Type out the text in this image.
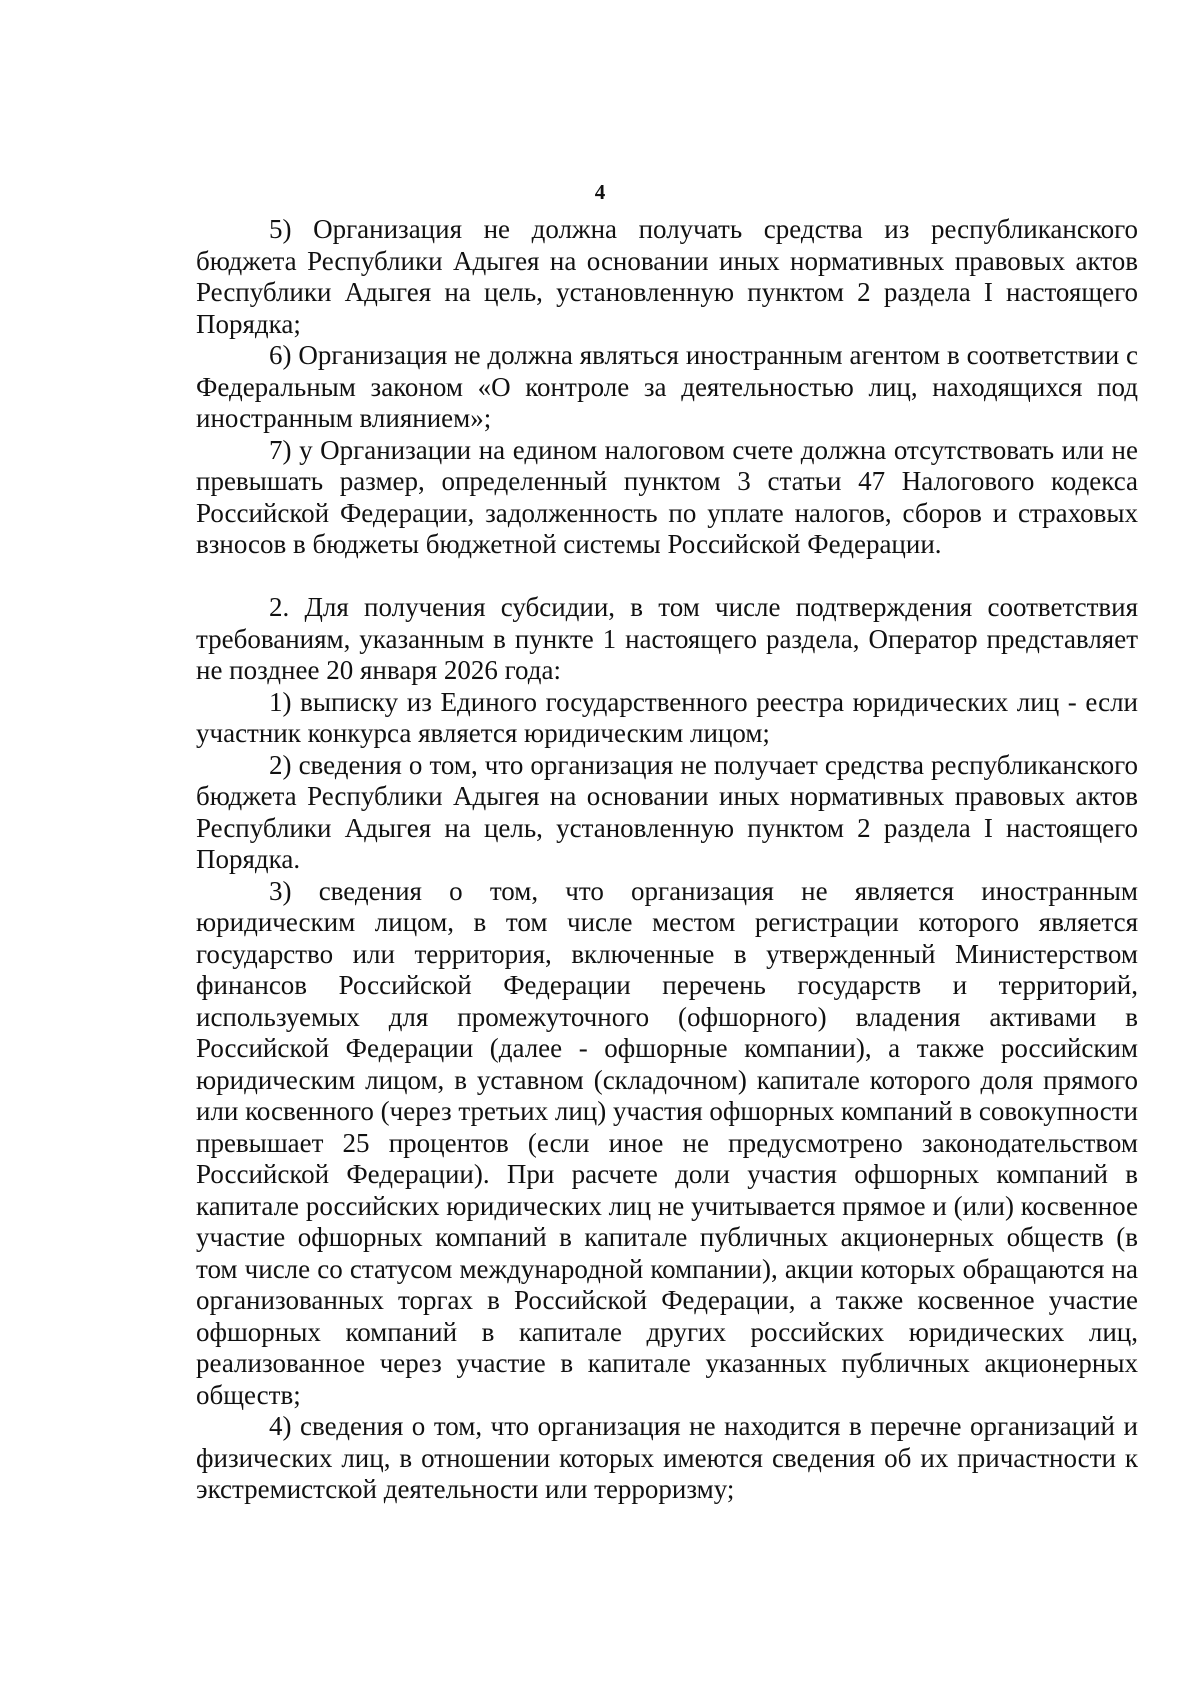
4

5) Организация не должна получать средства из республиканского бюджета Республики Адыгея на основании иных нормативных правовых актов Республики Адыгея на цель, установленную пунктом 2 раздела I настоящего Порядка;

6) Организация не должна являться иностранным агентом в соответствии с Федеральным законом «О контроле за деятельностью лиц, находящихся под иностранным влиянием»;

7) у Организации на едином налоговом счете должна отсутствовать или не превышать размер, определенный пунктом 3 статьи 47 Налогового кодекса Российской Федерации, задолженность по уплате налогов, сборов и страховых взносов в бюджеты бюджетной системы Российской Федерации.

2. Для получения субсидии, в том числе подтверждения соответствия требованиям, указанным в пункте 1 настоящего раздела, Оператор представляет не позднее 20 января 2026 года:

1) выписку из Единого государственного реестра юридических лиц - если участник конкурса является юридическим лицом;

2) сведения о том, что организация не получает средства республиканского бюджета Республики Адыгея на основании иных нормативных правовых актов Республики Адыгея на цель, установленную пунктом 2 раздела I настоящего Порядка.

3) сведения о том, что организация не является иностранным юридическим лицом, в том числе местом регистрации которого является государство или территория, включенные в утвержденный Министерством финансов Российской Федерации перечень государств и территорий, используемых для промежуточного (офшорного) владения активами в Российской Федерации (далее - офшорные компании), а также российским юридическим лицом, в уставном (складочном) капитале которого доля прямого или косвенного (через третьих лиц) участия офшорных компаний в совокупности превышает 25 процентов (если иное не предусмотрено законодательством Российской Федерации). При расчете доли участия офшорных компаний в капитале российских юридических лиц не учитывается прямое и (или) косвенное участие офшорных компаний в капитале публичных акционерных обществ (в том числе со статусом международной компании), акции которых обращаются на организованных торгах в Российской Федерации, а также косвенное участие офшорных компаний в капитале других российских юридических лиц, реализованное через участие в капитале указанных публичных акционерных обществ;

4) сведения о том, что организация не находится в перечне организаций и физических лиц, в отношении которых имеются сведения об их причастности к экстремистской деятельности или терроризму;
